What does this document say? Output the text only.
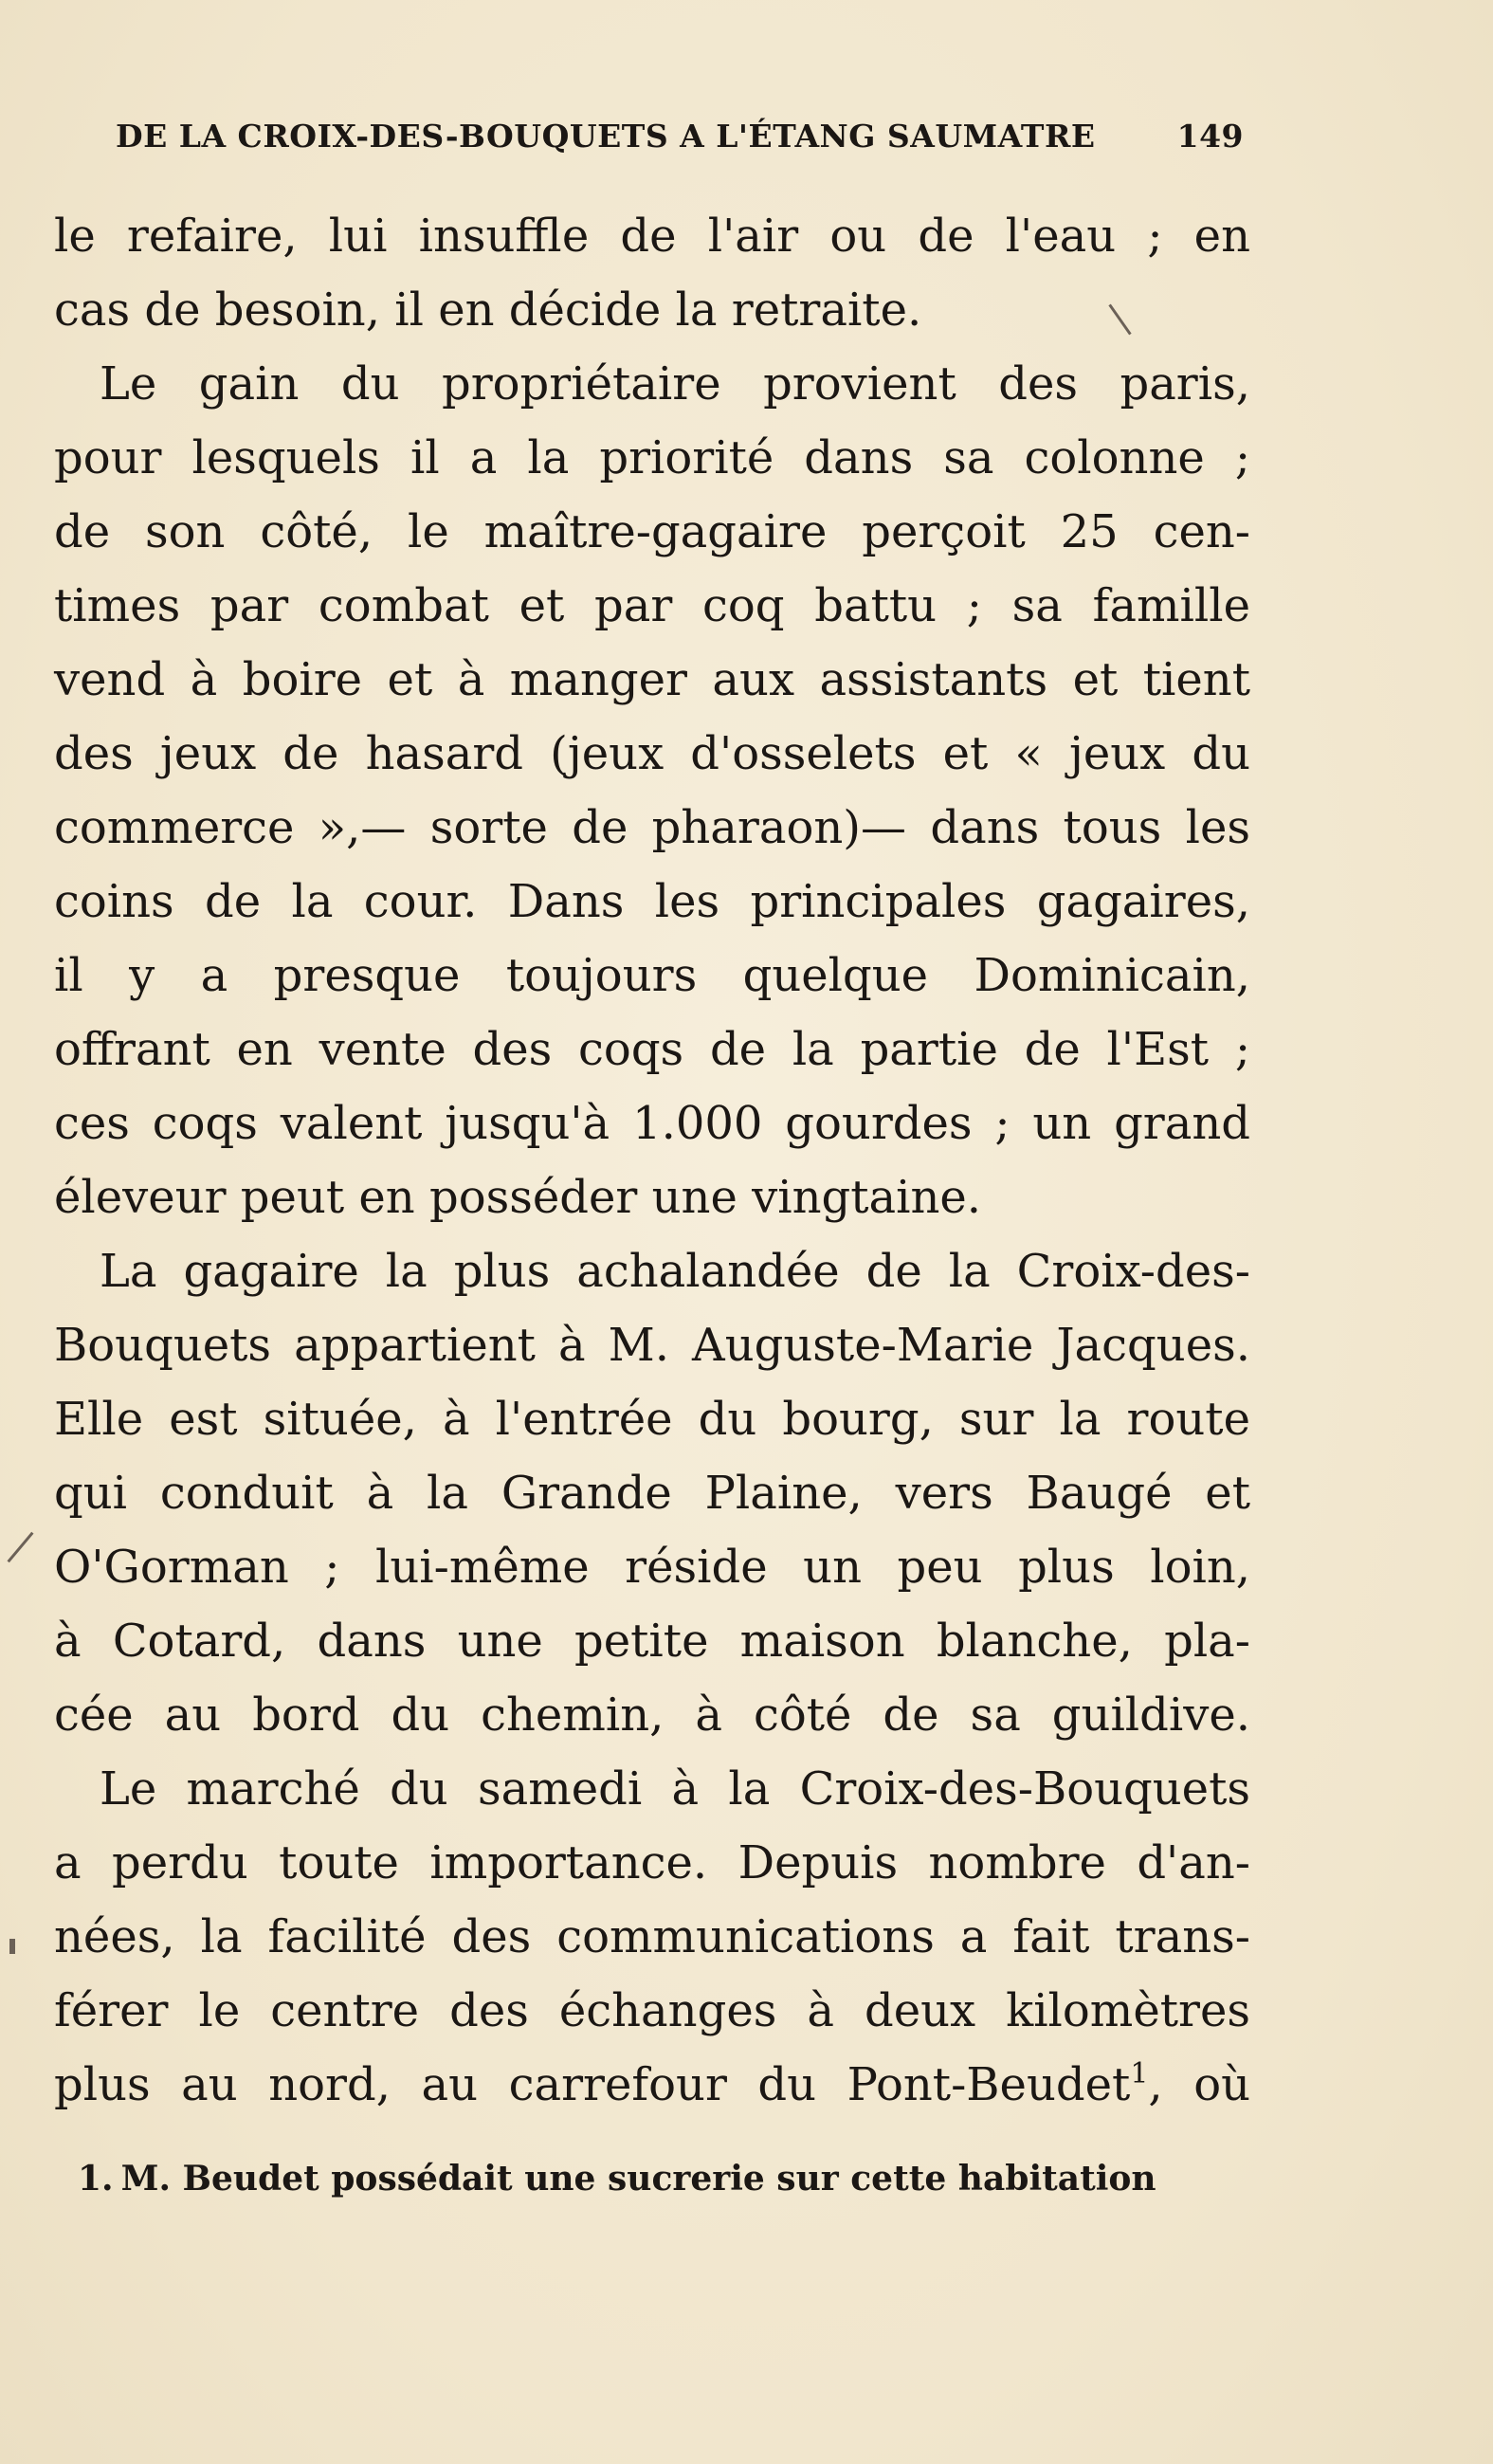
DE LA CROIX-DES-BOUQUETS A L'ÉTANG SAUMATRE	149
le refaire, lui insuffle de l'air ou de l'eau ; en
cas de besoin, il en décide la retraite.
Le gain du propriétaire provient des paris,
pour lesquels il a la priorité dans sa colonne ;
de son côté, le maître-gagaire perçoit 25 cen-
times par combat et par coq battu ; sa famille
vend à boire et à manger aux assistants et tient
des jeux de hasard (jeux d'osselets et « jeux du
commerce »,— sorte de pharaon)— dans tous les
coins de la cour. Dans les principales gagaires,
il y a presque toujours quelque Dominicain,
offrant en vente des coqs de la partie de l'Est ;
ces coqs valent jusqu'à 1.000 gourdes ; un grand
éleveur peut en posséder une vingtaine.
La gagaire la plus achalandée de la Croix-des-
Bouquets appartient à M. Auguste-Marie Jacques.
Elle est située, à l'entrée du bourg, sur la route
qui conduit à la Grande Plaine, vers Baugé et
O'Gorman ; lui-même réside un peu plus loin,
à Cotard, dans une petite maison blanche, pla-
cée au bord du chemin, à côté de sa guildive.
Le marché du samedi à la Croix-des-Bouquets
a perdu toute importance. Depuis nombre d'an-
nées, la facilité des communications a fait trans-
férer le centre des échanges à deux kilomètres
plus au nord, au carrefour du Pont-Beudet$^1$, où
1. M. Beudet possédait une sucrerie sur cette habitation
